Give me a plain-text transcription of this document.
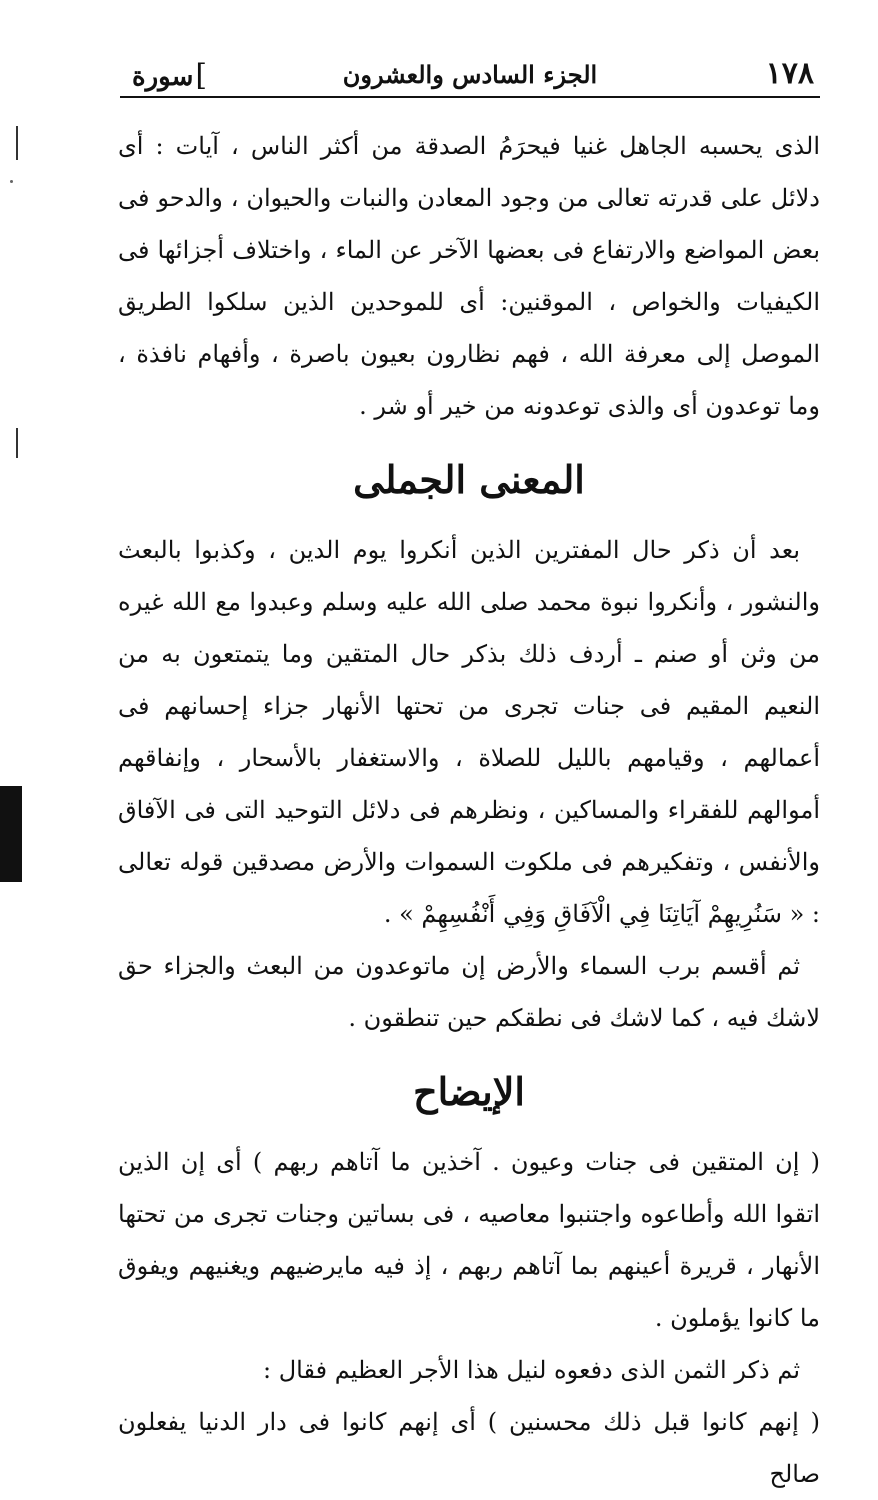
١٧٨
الجزء السادس والعشرون
سورة[

الذى يحسبه الجاهل غنيا فيحرَمُ الصدقة من أكثر الناس ، آيات : أى دلائل على قدرته تعالى من وجود المعادن والنبات والحيوان ، والدحو فى بعض المواضع والارتفاع فى بعضها الآخر عن الماء ، واختلاف أجزائها فى الكيفيات والخواص ، الموقنين: أى للموحدين الذين سلكوا الطريق الموصل إلى معرفة الله ، فهم نظارون بعيون باصرة ، وأفهام نافذة ، وما توعدون أى والذى توعدونه من خير أو شر .

المعنى الجملى

بعد أن ذكر حال المفترين الذين أنكروا يوم الدين ، وكذبوا بالبعث والنشور ، وأنكروا نبوة محمد صلى الله عليه وسلم وعبدوا مع الله غيره من وثن أو صنم ـ أردف ذلك بذكر حال المتقين وما يتمتعون به من النعيم المقيم فى جنات تجرى من تحتها الأنهار جزاء إحسانهم فى أعمالهم ، وقيامهم بالليل للصلاة ، والاستغفار بالأسحار ، وإنفاقهم أموالهم للفقراء والمساكين ، ونظرهم فى دلائل التوحيد التى فى الآفاق والأنفس ، وتفكيرهم فى ملكوت السموات والأرض مصدقين قوله تعالى : « سَنُرِيهِمْ آيَاتِنَا فِي الْآفَاقِ وَفِي أَنْفُسِهِمْ » .

ثم أقسم برب السماء والأرض إن ماتوعدون من البعث والجزاء حق لاشك فيه ، كما لاشك فى نطقكم حين تنطقون .

الإيضاح

( إن المتقين فى جنات وعيون . آخذين ما آتاهم ربهم ) أى إن الذين اتقوا الله وأطاعوه واجتنبوا معاصيه ، فى بساتين وجنات تجرى من تحتها الأنهار ، قريرة أعينهم بما آتاهم ربهم ، إذ فيه مايرضيهم ويغنيهم ويفوق ما كانوا يؤملون .

ثم ذكر الثمن الذى دفعوه لنيل هذا الأجر العظيم فقال :

( إنهم كانوا قبل ذلك محسنين ) أى إنهم كانوا فى دار الدنيا يفعلون صالح
